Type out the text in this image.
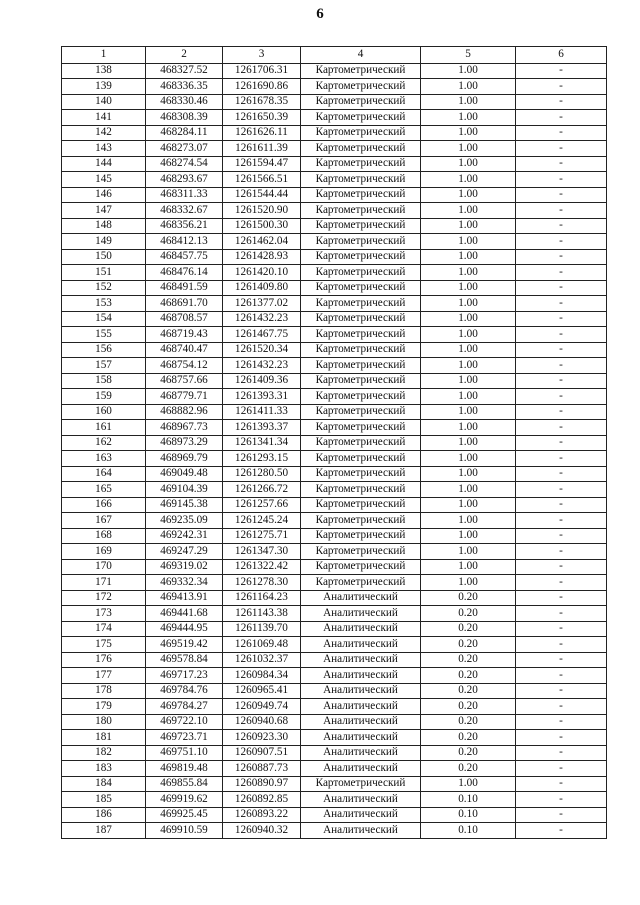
6
1	2	3	4	5	6
138	468327.52	1261706.31	Картометрический	1.00	-
139	468336.35	1261690.86	Картометрический	1.00	-
140	468330.46	1261678.35	Картометрический	1.00	-
141	468308.39	1261650.39	Картометрический	1.00	-
142	468284.11	1261626.11	Картометрический	1.00	-
143	468273.07	1261611.39	Картометрический	1.00	-
144	468274.54	1261594.47	Картометрический	1.00	-
145	468293.67	1261566.51	Картометрический	1.00	-
146	468311.33	1261544.44	Картометрический	1.00	-
147	468332.67	1261520.90	Картометрический	1.00	-
148	468356.21	1261500.30	Картометрический	1.00	-
149	468412.13	1261462.04	Картометрический	1.00	-
150	468457.75	1261428.93	Картометрический	1.00	-
151	468476.14	1261420.10	Картометрический	1.00	-
152	468491.59	1261409.80	Картометрический	1.00	-
153	468691.70	1261377.02	Картометрический	1.00	-
154	468708.57	1261432.23	Картометрический	1.00	-
155	468719.43	1261467.75	Картометрический	1.00	-
156	468740.47	1261520.34	Картометрический	1.00	-
157	468754.12	1261432.23	Картометрический	1.00	-
158	468757.66	1261409.36	Картометрический	1.00	-
159	468779.71	1261393.31	Картометрический	1.00	-
160	468882.96	1261411.33	Картометрический	1.00	-
161	468967.73	1261393.37	Картометрический	1.00	-
162	468973.29	1261341.34	Картометрический	1.00	-
163	468969.79	1261293.15	Картометрический	1.00	-
164	469049.48	1261280.50	Картометрический	1.00	-
165	469104.39	1261266.72	Картометрический	1.00	-
166	469145.38	1261257.66	Картометрический	1.00	-
167	469235.09	1261245.24	Картометрический	1.00	-
168	469242.31	1261275.71	Картометрический	1.00	-
169	469247.29	1261347.30	Картометрический	1.00	-
170	469319.02	1261322.42	Картометрический	1.00	-
171	469332.34	1261278.30	Картометрический	1.00	-
172	469413.91	1261164.23	Аналитический	0.20	-
173	469441.68	1261143.38	Аналитический	0.20	-
174	469444.95	1261139.70	Аналитический	0.20	-
175	469519.42	1261069.48	Аналитический	0.20	-
176	469578.84	1261032.37	Аналитический	0.20	-
177	469717.23	1260984.34	Аналитический	0.20	-
178	469784.76	1260965.41	Аналитический	0.20	-
179	469784.27	1260949.74	Аналитический	0.20	-
180	469722.10	1260940.68	Аналитический	0.20	-
181	469723.71	1260923.30	Аналитический	0.20	-
182	469751.10	1260907.51	Аналитический	0.20	-
183	469819.48	1260887.73	Аналитический	0.20	-
184	469855.84	1260890.97	Картометрический	1.00	-
185	469919.62	1260892.85	Аналитический	0.10	-
186	469925.45	1260893.22	Аналитический	0.10	-
187	469910.59	1260940.32	Аналитический	0.10	-
